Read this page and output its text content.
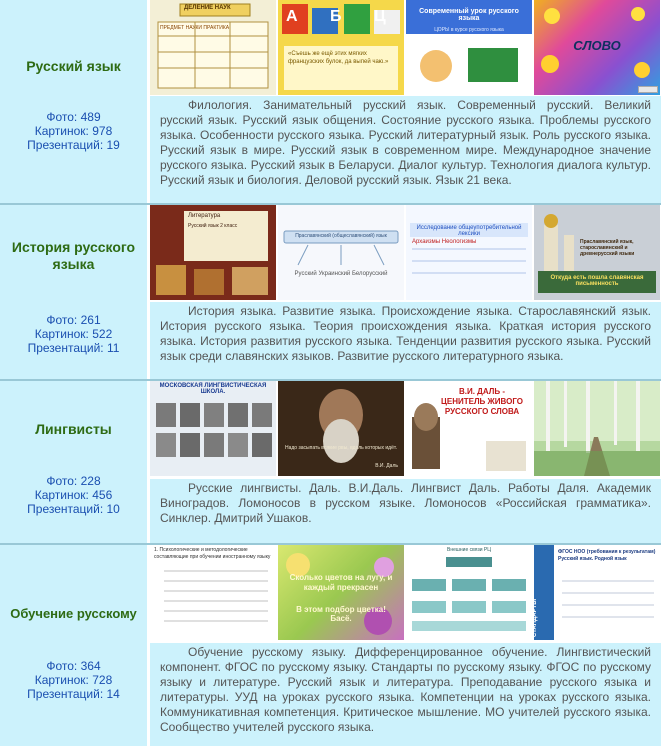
Русский язык
Фото: 489
Картинок: 978
Презентаций: 19
ДЕЛЕНИЕ НАУК
ПРЕДМЕТ НАУКИ ПРАКТИКА
А Б Ц
«Съешь же ещё этих мягких французских булок, да выпей чаю.»
Современный урок русского языка
ЦОРЫ в курсе русского языка
СЛОВО

Филология. Занимательный русский язык. Современный русский. Великий русский язык. Русский язык общения. Состояние русского языка. Проблемы русского языка. Особенности русского языка. Русский литературный язык. Роль русского языка. Русский язык в мире. Русский язык в современном мире. Международное значение русского языка. Русский язык в Беларуси. Диалог культур. Технология диалога культур. Русский язык и биология. Деловой русский язык. Язык 21 века.

История русского языка
Фото: 261
Картинок: 522
Презентаций: 11
Литература
Русский язык 2 класс
Праславянский (общеславянский) язык
Русский Украинский Белорусский
Исследование общеупотребительной лексики
Архаизмы Неологизмы	Праславянский язык, старославянский и древнерусский языки
Откуда есть пошла славянская письменность

История языка. Развитие языка. Происхождение языка. Старославянский язык. История русского языка. Теория происхождения языка. Краткая история русского языка. История развития русского языка. Тенденции развития русского языка. Русский язык среди славянских языков. Развитие русского литературного языка.

Лингвисты
Фото: 228
Картинок: 456
Презентаций: 10
МОСКОВСКАЯ ЛИНГВИСТИЧЕСКАЯ ШКОЛА.
Надо засыпать всякие рвы, вдоль которых идёт.
В.И. Даль
В.И. ДАЛЬ - ЦЕНИТЕЛЬ ЖИВОГО РУССКОГО СЛОВА

Русские лингвисты. Даль. В.И.Даль. Лингвист Даль. Работы Даля. Академик Виноградов. Ломоносов в русском языке. Ломоносов «Российская грамматика». Синклер. Дмитрий Ушаков.

Обучение русскому
Фото: 364
Картинок: 728
Презентаций: 14
1. Психологические и методологические составляющие при обучении иностранному языку
Сколько цветов на лугу, и каждый прекрасен
В этом подбор цветка! Басё.
Внешние связи РЦ	ФГОС НОО (требования к результатам) Русский язык. Родной язык
СТАНДАРТЫ

Обучение русскому языку. Дифференцированное обучение. Лингвистический компонент. ФГОС по русскому языку. Стандарты по русскому языку. ФГОС по русскому языку и литературе. Русский язык и литература. Преподавание русского языка и литературы. УУД на уроках русского языка. Компетенции на уроках русского языка. Коммуникативная компетенция. Критическое мышление. МО учителей русского языка. Сообщество учителей русского языка.
